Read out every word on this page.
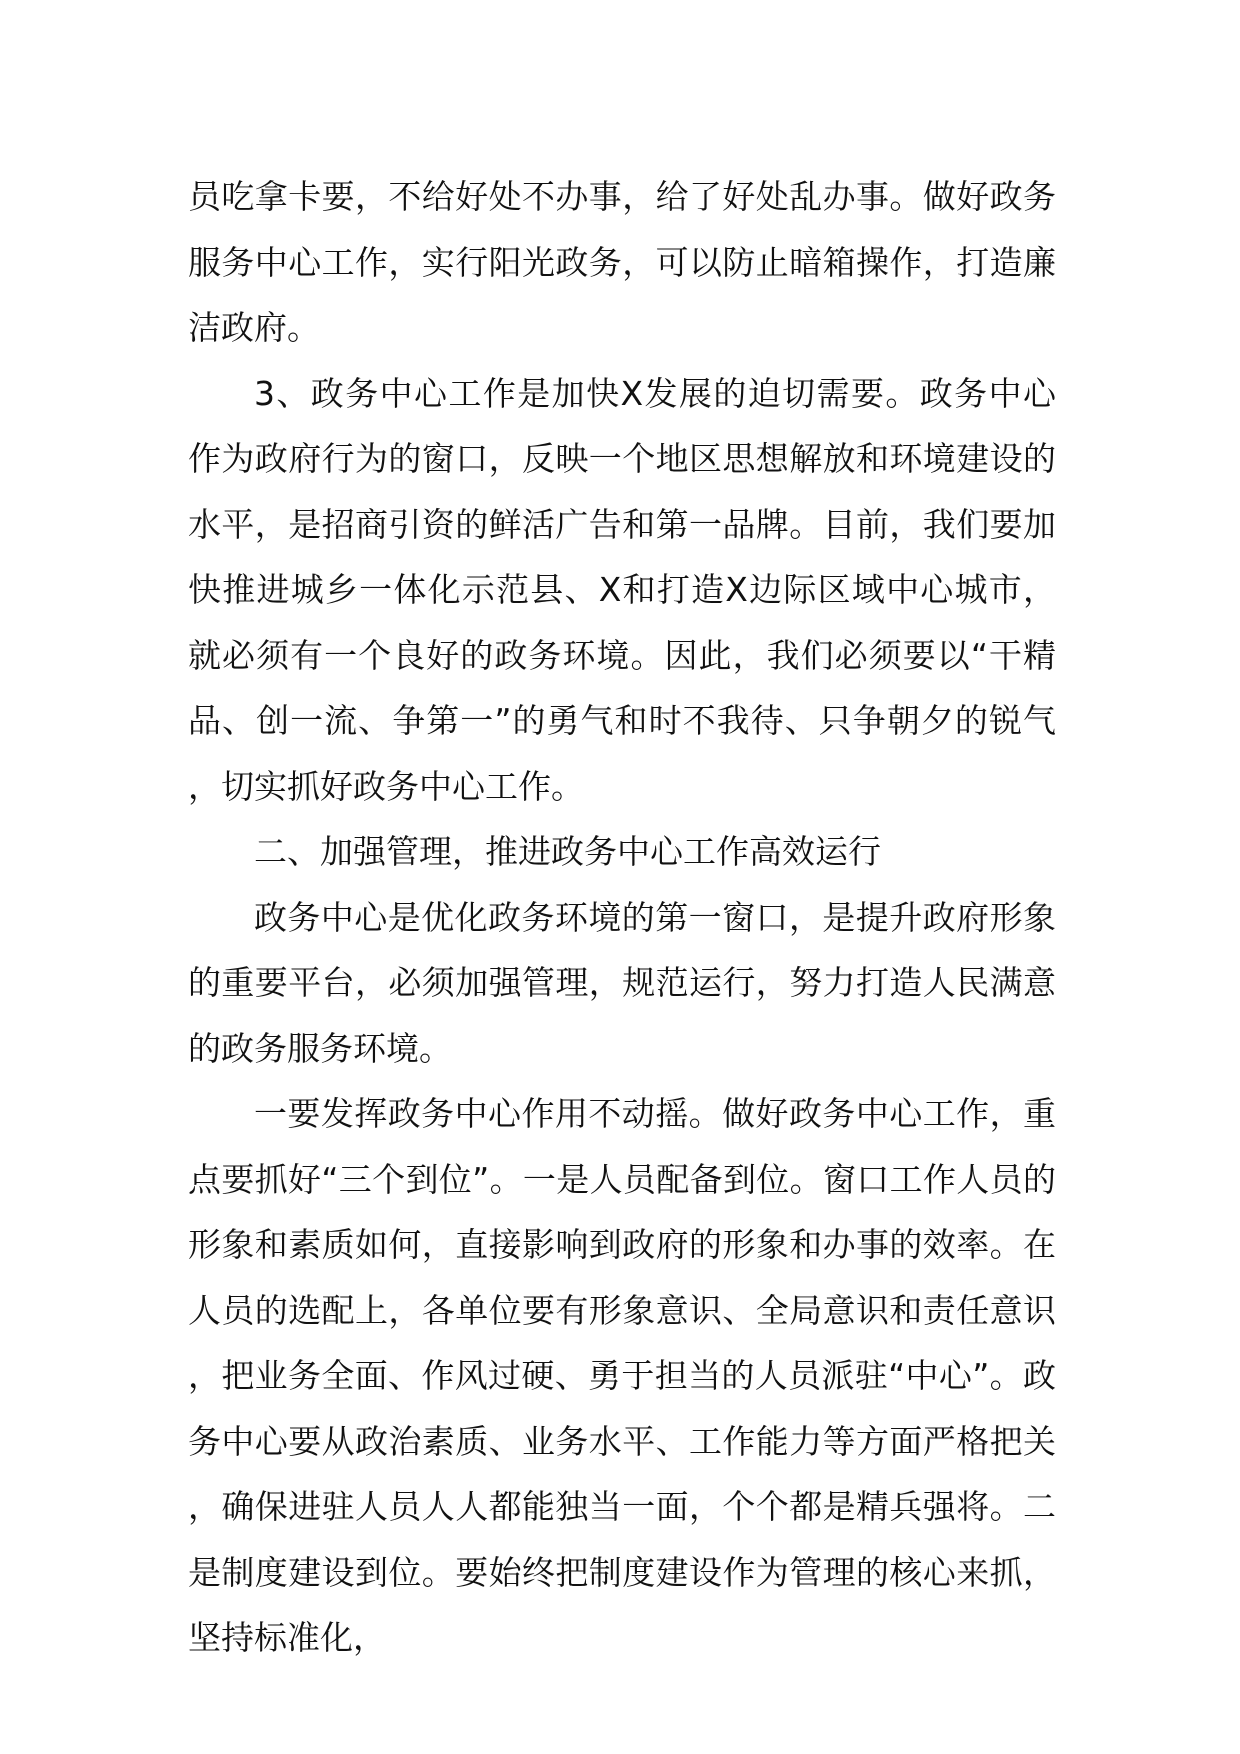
员吃拿卡要，不给好处不办事，给了好处乱办事。做好政务服务中心工作，实行阳光政务，可以防止暗箱操作，打造廉洁政府。

3、政务中心工作是加快X发展的迫切需要。政务中心作为政府行为的窗口，反映一个地区思想解放和环境建设的水平，是招商引资的鲜活广告和第一品牌。目前，我们要加快推进城乡一体化示范县、X和打造X边际区域中心城市，就必须有一个良好的政务环境。因此，我们必须要以“干精品、创一流、争第一”的勇气和时不我待、只争朝夕的锐气，切实抓好政务中心工作。

二、加强管理，推进政务中心工作高效运行

政务中心是优化政务环境的第一窗口，是提升政府形象的重要平台，必须加强管理，规范运行，努力打造人民满意的政务服务环境。

一要发挥政务中心作用不动摇。做好政务中心工作，重点要抓好“三个到位”。一是人员配备到位。窗口工作人员的形象和素质如何，直接影响到政府的形象和办事的效率。在人员的选配上，各单位要有形象意识、全局意识和责任意识，把业务全面、作风过硬、勇于担当的人员派驻“中心”。政务中心要从政治素质、业务水平、工作能力等方面严格把关，确保进驻人员人人都能独当一面，个个都是精兵强将。二是制度建设到位。要始终把制度建设作为管理的核心来抓，坚持标准化，
